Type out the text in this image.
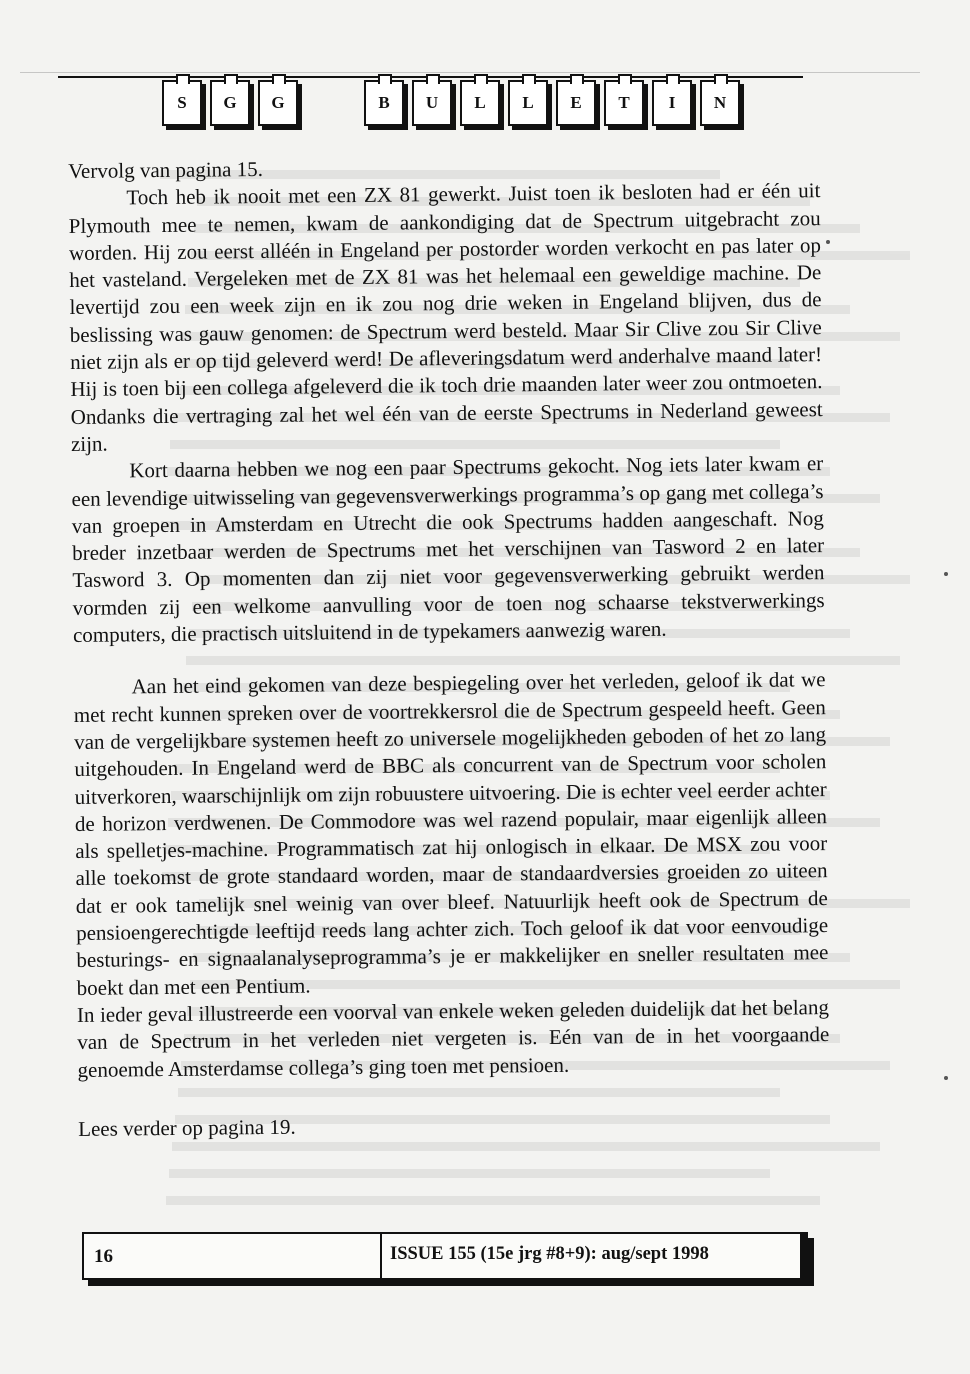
S	G	G	B	U	L	L	E	T	I	N

Vervolg van pagina 15.

Toch heb ik nooit met een ZX 81 gewerkt. Juist toen ik besloten had er één uit Plymouth mee te nemen, kwam de aankondiging dat de Spectrum uitgebracht zou worden. Hij zou eerst alléén in Engeland per postorder worden verkocht en pas later op het vasteland. Vergeleken met de ZX 81 was het helemaal een geweldige machine. De levertijd zou een week zijn en ik zou nog drie weken in Engeland blijven, dus de beslissing was gauw genomen: de Spectrum werd besteld. Maar Sir Clive zou Sir Clive niet zijn als er op tijd geleverd werd! De afleveringsdatum werd anderhalve maand later! Hij is toen bij een collega afgeleverd die ik toch drie maanden later weer zou ontmoeten. Ondanks die vertraging zal het wel één van de eerste Spectrums in Nederland geweest zijn.

Kort daarna hebben we nog een paar Spectrums gekocht. Nog iets later kwam er een levendige uitwisseling van gegevensverwerkings programma’s op gang met collega’s van groepen in Amsterdam en Utrecht die ook Spectrums hadden aangeschaft. Nog breder inzetbaar werden de Spectrums met het verschijnen van Tasword 2 en later Tasword 3. Op momenten dan zij niet voor gegevensverwerking gebruikt werden vormden zij een welkome aanvulling voor de toen nog schaarse tekstverwerkings computers, die practisch uitsluitend in de typekamers aanwezig waren.

Aan het eind gekomen van deze bespiegeling over het verleden, geloof ik dat we met recht kunnen spreken over de voortrekkersrol die de Spectrum gespeeld heeft. Geen van de vergelijkbare systemen heeft zo universele mogelijkheden geboden of het zo lang uitgehouden. In Engeland werd de BBC als concurrent van de Spectrum voor scholen uitverkoren, waarschijnlijk om zijn robuustere uitvoering. Die is echter veel eerder achter de horizon verdwenen. De Commodore was wel razend populair, maar eigenlijk alleen als spelletjes-machine. Programmatisch zat hij onlogisch in elkaar. De MSX zou voor alle toekomst de grote standaard worden, maar de standaardversies groeiden zo uiteen dat er ook tamelijk snel weinig van over bleef. Natuurlijk heeft ook de Spectrum de pensioengerechtigde leeftijd reeds lang achter zich. Toch geloof ik dat voor eenvoudige besturings- en signaalanalyseprogramma’s je er makkelijker en sneller resultaten mee boekt dan met een Pentium.

In ieder geval illustreerde een voorval van enkele weken geleden duidelijk dat het belang van de Spectrum in het verleden niet vergeten is. Eén van de in het voorgaande genoemde Amsterdamse collega’s ging toen met pensioen.

Lees verder op pagina 19.

16	ISSUE 155 (15e jrg #8+9): aug/sept 1998
